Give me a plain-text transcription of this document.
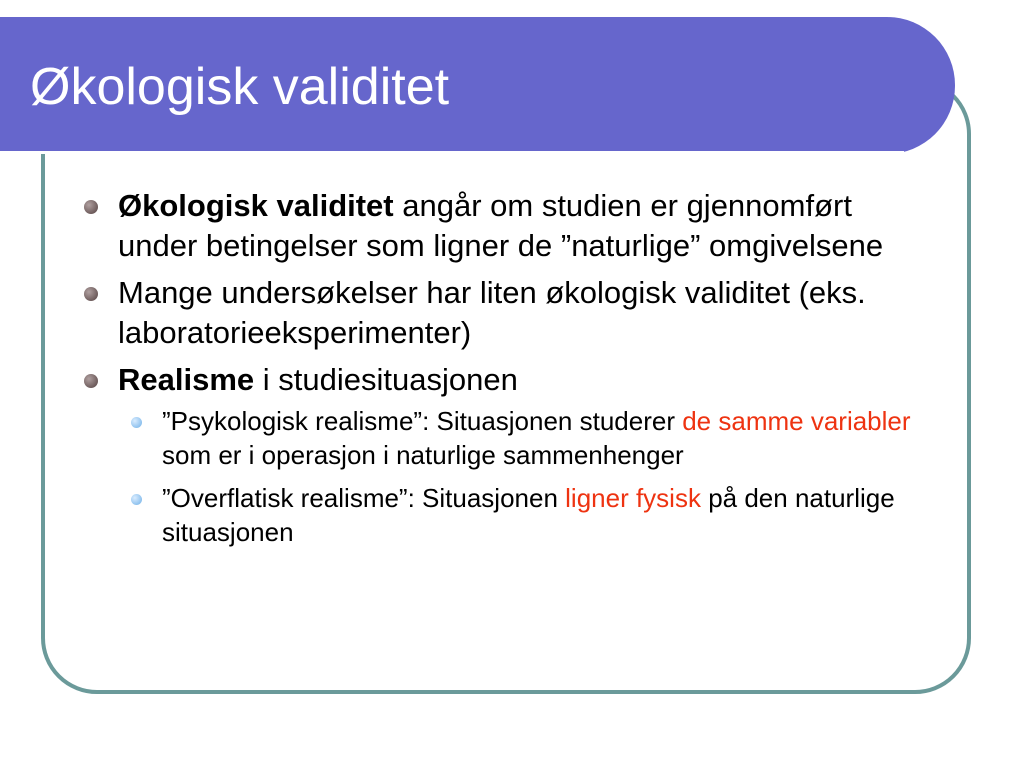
Økologisk validitet
Økologisk validitet angår om studien er gjennomført under betingelser som ligner de ”naturlige” omgivelsene
Mange undersøkelser har liten økologisk validitet (eks. laboratorieeksperimenter)
Realisme i studiesituasjonen
”Psykologisk realisme”: Situasjonen studerer de samme variabler som er i operasjon i naturlige sammenhenger
”Overflatisk realisme”: Situasjonen ligner fysisk på den naturlige situasjonen
